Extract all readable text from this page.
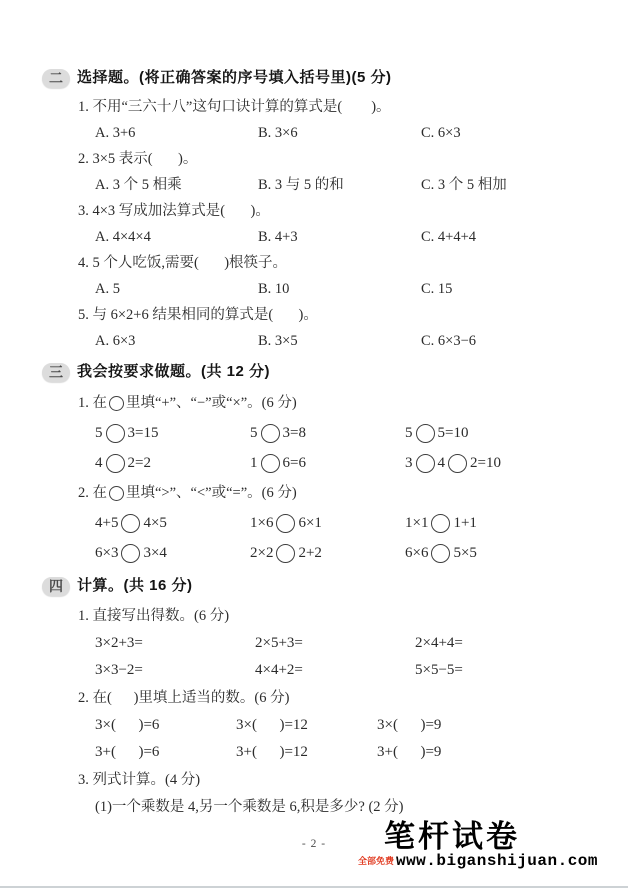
二 选择题。(将正确答案的序号填入括号里)(5 分)
1. 不用“三六十八”这句口诀计算的算式是(        )。
A. 3+6	B. 3×6	C. 6×3
2. 3×5 表示(       )。
A. 3 个 5 相乘	B. 3 与 5 的和	C. 3 个 5 相加
3. 4×3 写成加法算式是(       )。
A. 4×4×4	B. 4+3	C. 4+4+4
4. 5 个人吃饭,需要(       )根筷子。
A. 5	B. 10	C. 15
5. 与 6×2+6 结果相同的算式是(       )。
A. 6×3	B. 3×5	C. 6×3−6
三 我会按要求做题。(共 12 分)
1. 在 里填“+”、“−”或“×”。(6 分)
5 3=15	5 3=8	5 5=10
4 2=2	1 6=6	3 4 2=10
2. 在 里填“>”、“<”或“=”。(6 分)
4+5 4×5	1×6 6×1	1×1 1+1
6×3 3×4	2×2 2+2	6×6 5×5
四 计算。(共 16 分)
1. 直接写出得数。(6 分)
3×2+3=	2×5+3=	2×4+4=
3×3−2=	4×4+2=	5×5−5=
2. 在(      )里填上适当的数。(6 分)
3×(      )=6	3×(      )=12	3×(      )=9
3+(      )=6	3+(      )=12	3+(      )=9
3. 列式计算。(4 分)
(1)一个乘数是 4,另一个乘数是 6,积是多少? (2 分)
- 2 -	笔杆试卷
全部免费 www.biganshijuan.com
